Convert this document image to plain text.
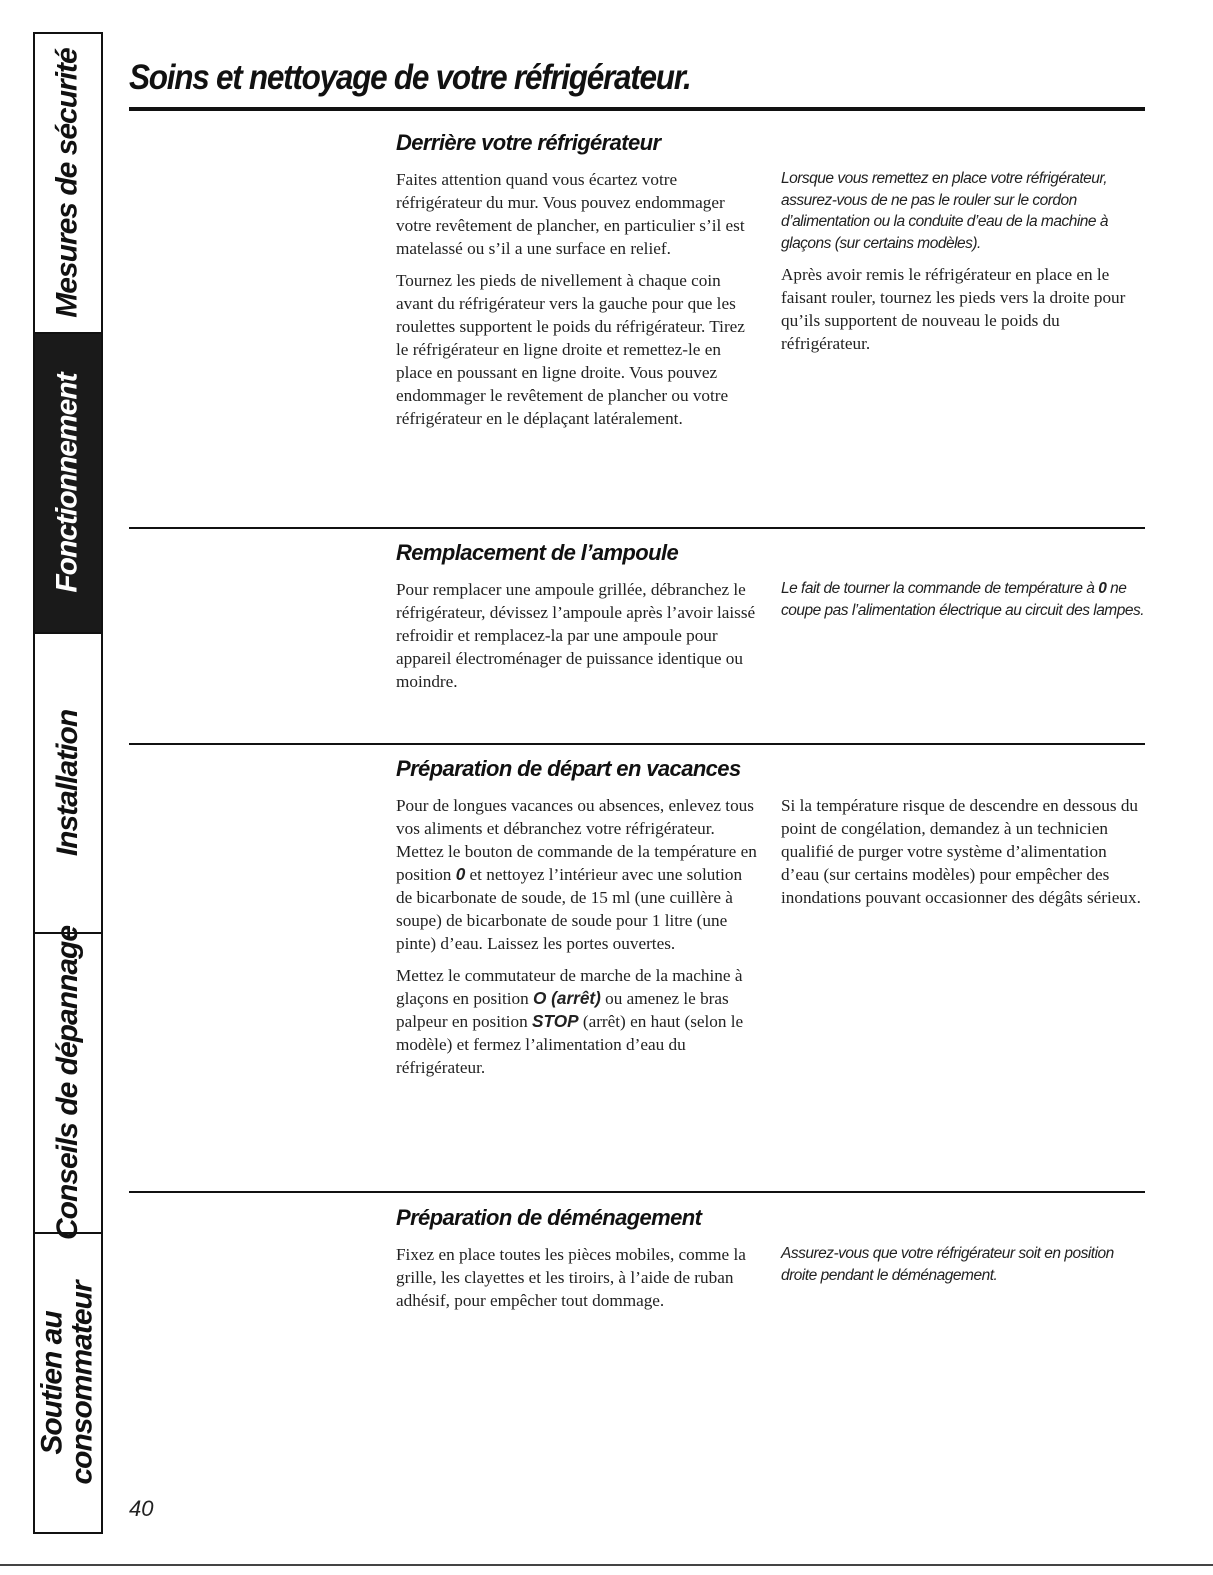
Mesures de sécurité
Fonctionnement
Installation
Conseils de dépannage
Soutien au
consommateur
Soins et nettoyage de votre réfrigérateur.
Derrière votre réfrigérateur

Faites attention quand vous écartez votre réfrigérateur du mur. Vous pouvez endommager votre revêtement de plancher, en particulier s’il est matelassé ou s’il a une surface en relief.

Tournez les pieds de nivellement à chaque coin avant du réfrigérateur vers la gauche pour que les roulettes supportent le poids du réfrigérateur. Tirez le réfrigérateur en ligne droite et remettez-le en place en poussant en ligne droite. Vous pouvez endommager le revêtement de plancher ou votre réfrigérateur en le déplaçant latéralement.

Lorsque vous remettez en place votre réfrigérateur, assurez-vous de ne pas le rouler sur le cordon d’alimentation ou la conduite d’eau de la machine à glaçons (sur certains modèles).

Après avoir remis le réfrigérateur en place en le faisant rouler, tournez les pieds vers la droite pour qu’ils supportent de nouveau le poids du réfrigérateur.

Remplacement de l’ampoule

Pour remplacer une ampoule grillée, débranchez le réfrigérateur, dévissez l’ampoule après l’avoir laissé refroidir et remplacez-la par une ampoule pour appareil électroménager de puissance identique ou moindre.

Le fait de tourner la commande de température à 0 ne coupe pas l’alimentation électrique au circuit des lampes.

Préparation de départ en vacances

Pour de longues vacances ou absences, enlevez tous vos aliments et débranchez votre réfrigérateur. Mettez le bouton de commande de la température en position 0 et nettoyez l’intérieur avec une solution de bicarbonate de soude, de 15 ml (une cuillère à soupe) de bicarbonate de soude pour 1 litre (une pinte) d’eau. Laissez les portes ouvertes.

Mettez le commutateur de marche de la machine à glaçons en position O (arrêt) ou amenez le bras palpeur en position STOP (arrêt) en haut (selon le modèle) et fermez l’alimentation d’eau du réfrigérateur.

Si la température risque de descendre en dessous du point de congélation, demandez à un technicien qualifié de purger votre système d’alimentation d’eau (sur certains modèles) pour empêcher des inondations pouvant occasionner des dégâts sérieux.

Préparation de déménagement

Fixez en place toutes les pièces mobiles, comme la grille, les clayettes et les tiroirs, à l’aide de ruban adhésif, pour empêcher tout dommage.

Assurez-vous que votre réfrigérateur soit en position droite pendant le déménagement.

40
